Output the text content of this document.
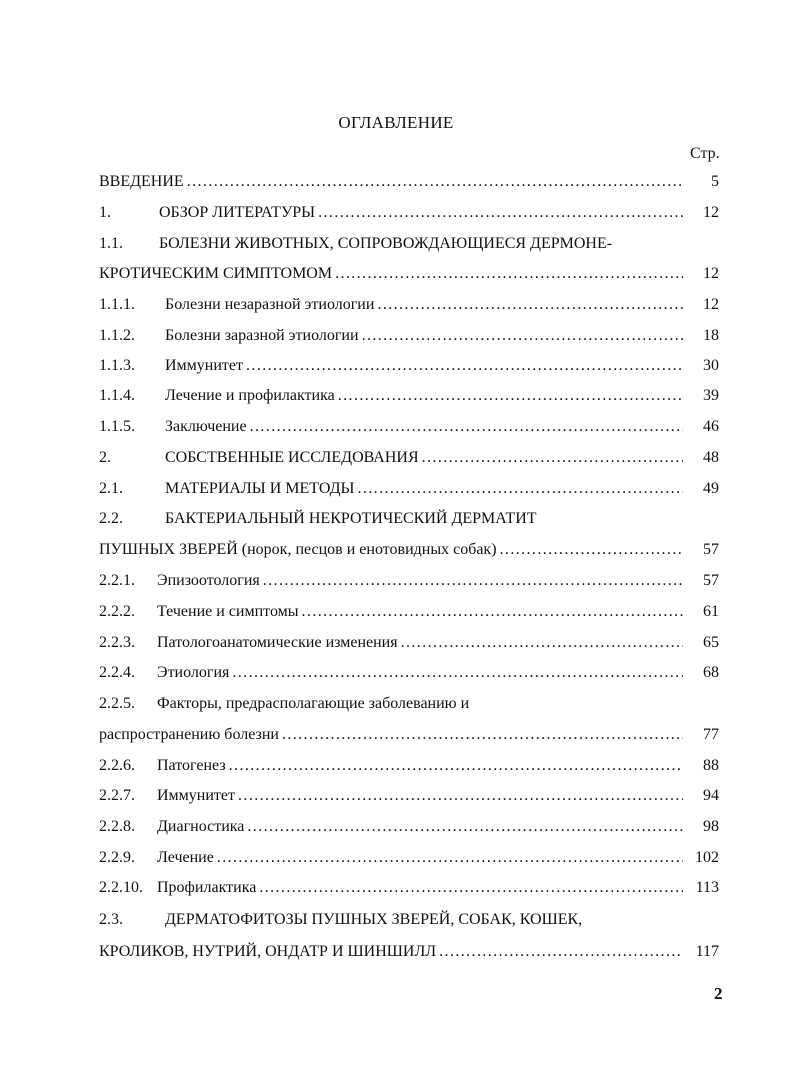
ОГЛАВЛЕНИЕ
Стр.
ВВЕДЕНИЕ . . .	5
1.	ОБЗОР ЛИТЕРАТУРЫ . . .	12
1.1. БОЛЕЗНИ ЖИВОТНЫХ, СОПРОВОЖДАЮЩИЕСЯ ДЕРМОНЕ-
КРОТИЧЕСКИМ СИМПТОМОМ . . .	12
1.1.1.	Болезни незаразной этиологии . . .	12
1.1.2.	Болезни заразной этиологии . . .	18
1.1.3.	Иммунитет . . .	30
1.1.4.	Лечение и профилактика . . .	39
1.1.5.	Заключение . . .	46
2.	СОБСТВЕННЫЕ ИССЛЕДОВАНИЯ . . .	48
2.1.	МАТЕРИАЛЫ И МЕТОДЫ . . .	49
2.2.	БАКТЕРИАЛЬНЫЙ НЕКРОТИЧЕСКИЙ ДЕРМАТИТ
ПУШНЫХ ЗВЕРЕЙ (норок, песцов и енотовидных собак) . . .	57
2.2.1.	Эпизоотология . . .	57
2.2.2.	Течение и симптомы . . .	61
2.2.3.	Патологоанатомические изменения . . .	65
2.2.4.	Этиология . . .	68
2.2.5. Факторы, предрасполагающие заболеванию и
распространению болезни . . .	77
2.2.6.	Патогенез . . .	88
2.2.7.	Иммунитет . . .	94
2.2.8.	Диагностика . . .	98
2.2.9.	Лечение . . .	102
2.2.10. Профилактика . . .	113
2.3.	ДЕРМАТОФИТОЗЫ ПУШНЫХ ЗВЕРЕЙ, СОБАК, КОШЕК,
КРОЛИКОВ, НУТРИЙ, ОНДАТР И ШИНШИЛЛ . . .	117
2
